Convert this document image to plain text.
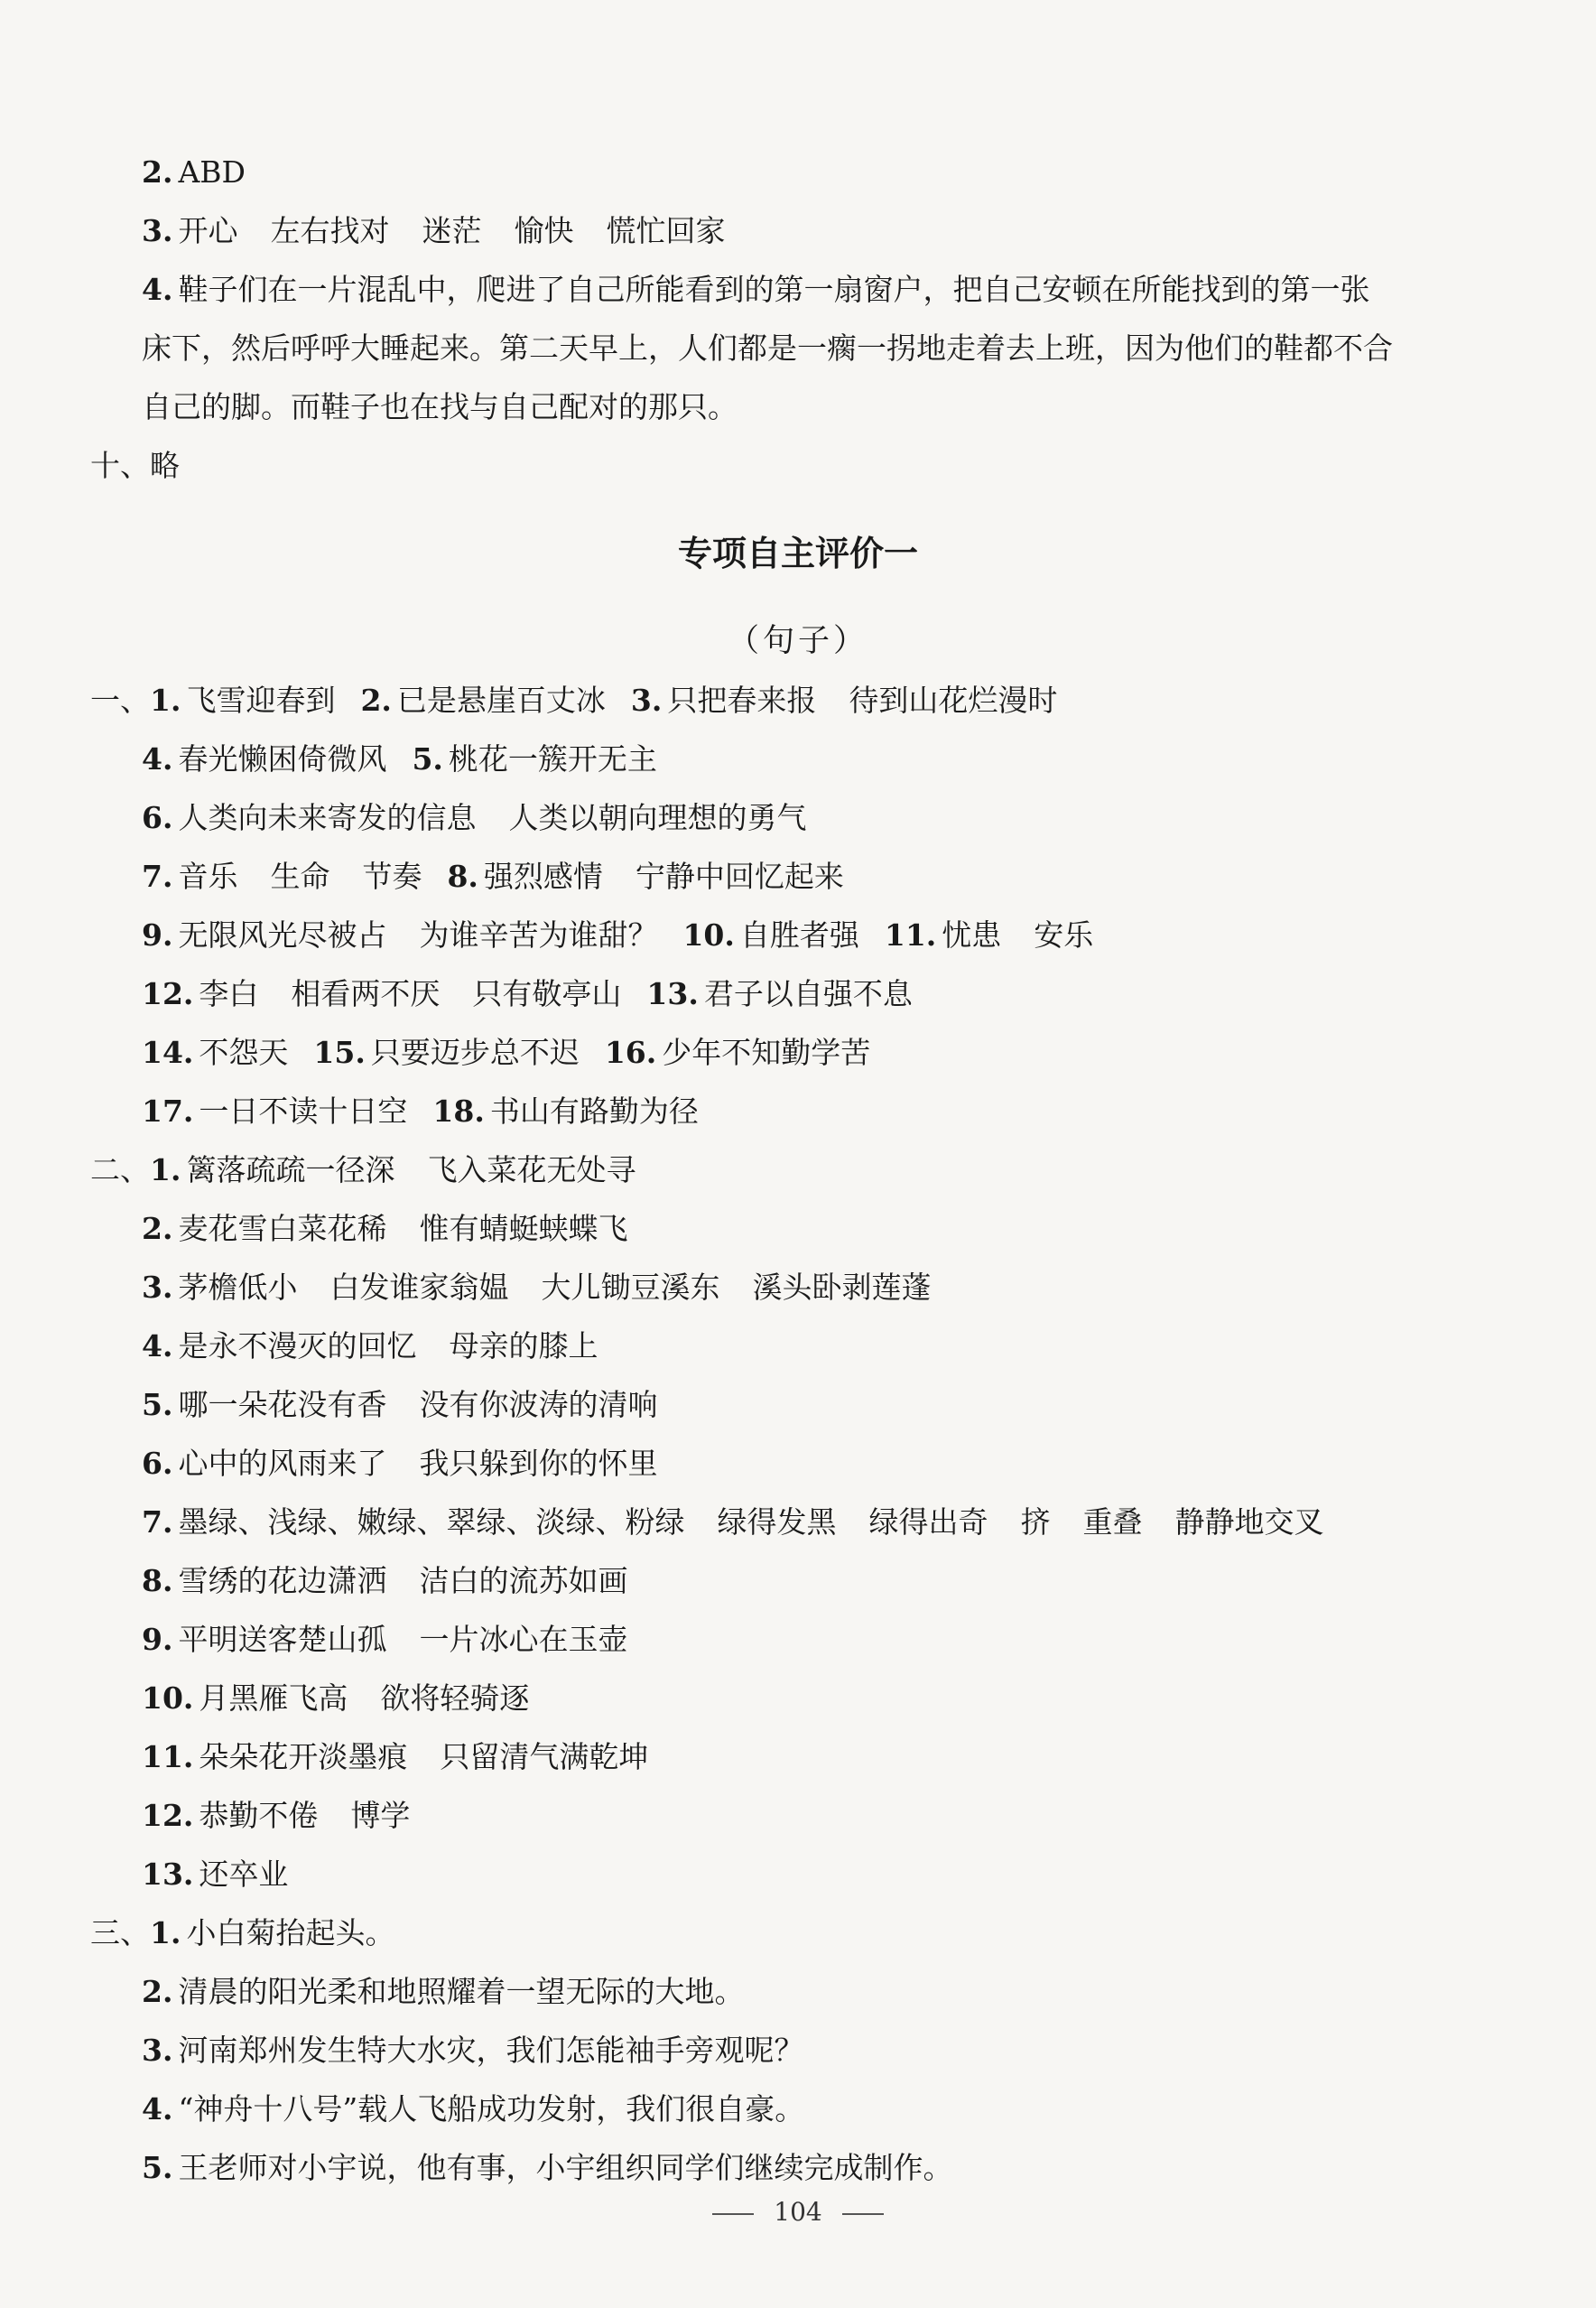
2. ABD
3. 开心 左右找对 迷茫 愉快 慌忙回家
4. 鞋子们在一片混乱中，爬进了自己所能看到的第一扇窗户，把自己安顿在所能找到的第一张
床下，然后呼呼大睡起来。第二天早上，人们都是一瘸一拐地走着去上班，因为他们的鞋都不合
自己的脚。而鞋子也在找与自己配对的那只。
十、略
专项自主评价一
（句子）
一、1. 飞雪迎春到 2. 已是悬崖百丈冰 3. 只把春来报 待到山花烂漫时
4. 春光懒困倚微风 5. 桃花一簇开无主
6. 人类向未来寄发的信息 人类以朝向理想的勇气
7. 音乐 生命 节奏 8. 强烈感情 宁静中回忆起来
9. 无限风光尽被占 为谁辛苦为谁甜？ 10. 自胜者强 11. 忧患 安乐
12. 李白 相看两不厌 只有敬亭山 13. 君子以自强不息
14. 不怨天 15. 只要迈步总不迟 16. 少年不知勤学苦
17. 一日不读十日空 18. 书山有路勤为径
二、1. 篱落疏疏一径深 飞入菜花无处寻
2. 麦花雪白菜花稀 惟有蜻蜓蛱蝶飞
3. 茅檐低小 白发谁家翁媪 大儿锄豆溪东 溪头卧剥莲蓬
4. 是永不漫灭的回忆 母亲的膝上
5. 哪一朵花没有香 没有你波涛的清响
6. 心中的风雨来了 我只躲到你的怀里
7. 墨绿、浅绿、嫩绿、翠绿、淡绿、粉绿 绿得发黑 绿得出奇 挤 重叠 静静地交叉
8. 雪绣的花边潇洒 洁白的流苏如画
9. 平明送客楚山孤 一片冰心在玉壶
10. 月黑雁飞高 欲将轻骑逐
11. 朵朵花开淡墨痕 只留清气满乾坤
12. 恭勤不倦 博学
13. 还卒业
三、1. 小白菊抬起头。
2. 清晨的阳光柔和地照耀着一望无际的大地。
3. 河南郑州发生特大水灾，我们怎能袖手旁观呢？
4. “神舟十八号”载人飞船成功发射，我们很自豪。
5. 王老师对小宇说，他有事，小宇组织同学们继续完成制作。
104
